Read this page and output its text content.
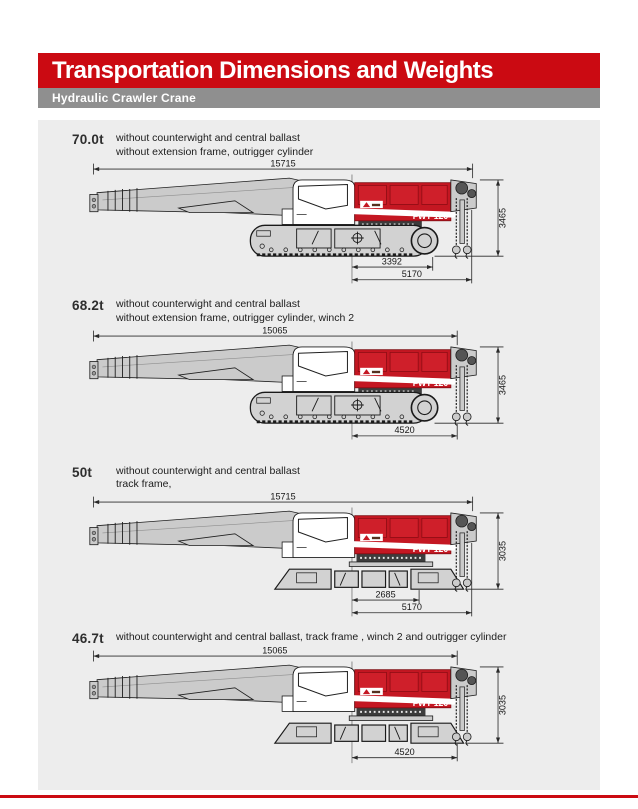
Transportation Dimensions and Weights
Hydraulic Crawler Crane
70.0t	without counterwight and central ballast
without extension frame, outrigger cylinder
15715
3465
3392
5170
68.2t	without counterwight and central ballast
without extension frame, outrigger cylinder, winch 2
15065
3465
4520
50t	without counterwight and central ballast
track frame,
15715
3035
2685
5170
46.7t	without counterwight and central ballast, track frame , winch 2 and outrigger cylinder
15065
3035
4520
